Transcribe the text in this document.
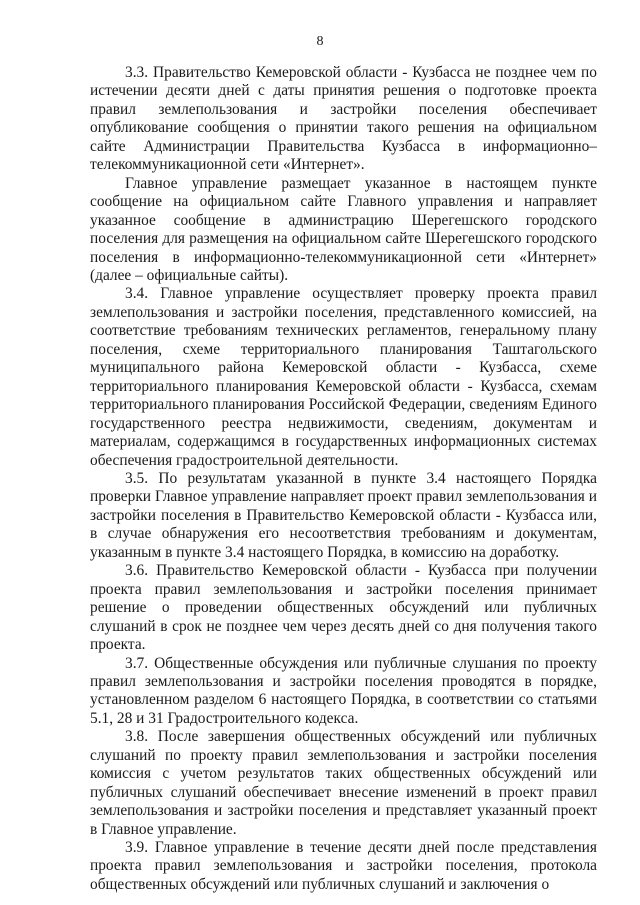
8

3.3. Правительство Кемеровской области - Кузбасса не позднее чем по истечении десяти дней с даты принятия решения о подготовке проекта правил землепользования и застройки поселения обеспечивает опубликование сообщения о принятии такого решения на официальном сайте Администрации Правительства Кузбасса в информационно–телекоммуникационной сети «Интернет».

Главное управление размещает указанное в настоящем пункте сообщение на официальном сайте Главного управления и направляет указанное сообщение в администрацию Шерегешского городского поселения для размещения на официальном сайте Шерегешского городского поселения в информационно-телекоммуникационной сети «Интернет» (далее – официальные сайты).

3.4. Главное управление осуществляет проверку проекта правил землепользования и застройки поселения, представленного комиссией, на соответствие требованиям технических регламентов, генеральному плану поселения, схеме территориального планирования Таштагольского муниципального района Кемеровской области - Кузбасса, схеме территориального планирования Кемеровской области - Кузбасса, схемам территориального планирования Российской Федерации, сведениям Единого государственного реестра недвижимости, сведениям, документам и материалам, содержащимся в государственных информационных системах обеспечения градостроительной деятельности.

3.5. По результатам указанной в пункте 3.4 настоящего Порядка проверки Главное управление направляет проект правил землепользования и застройки поселения в Правительство Кемеровской области - Кузбасса или, в случае обнаружения его несоответствия требованиям и документам, указанным в пункте 3.4 настоящего Порядка, в комиссию на доработку.

3.6. Правительство Кемеровской области - Кузбасса при получении проекта правил землепользования и застройки поселения принимает решение о проведении общественных обсуждений или публичных слушаний в срок не позднее чем через десять дней со дня получения такого проекта.

3.7. Общественные обсуждения или публичные слушания по проекту правил землепользования и застройки поселения проводятся в порядке, установленном разделом 6 настоящего Порядка, в соответствии со статьями 5.1, 28 и 31 Градостроительного кодекса.

3.8. После завершения общественных обсуждений или публичных слушаний по проекту правил землепользования и застройки поселения комиссия с учетом результатов таких общественных обсуждений или публичных слушаний обеспечивает внесение изменений в проект правил землепользования и застройки поселения и представляет указанный проект в Главное управление.

3.9. Главное управление в течение десяти дней после представления проекта правил землепользования и застройки поселения, протокола общественных обсуждений или публичных слушаний и заключения о
